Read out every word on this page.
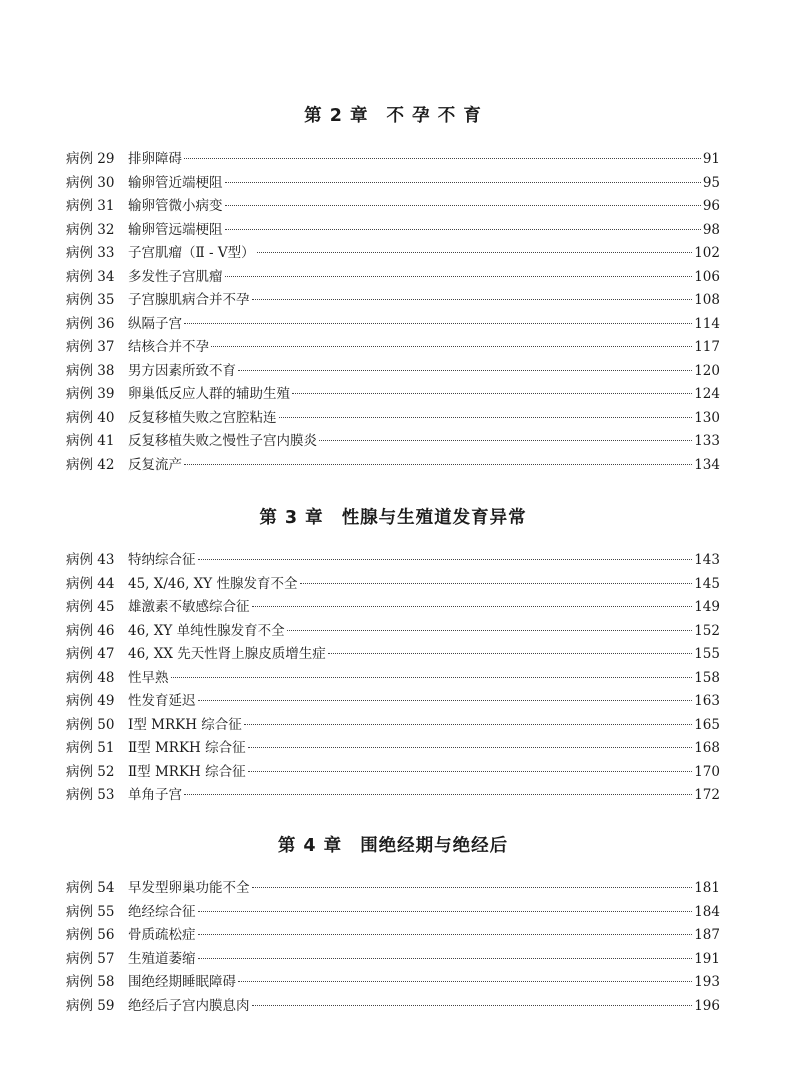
第 2 章 不 孕 不 育
病例 29	排卵障碍	91
病例 30	输卵管近端梗阻	95
病例 31	输卵管微小病变	96
病例 32	输卵管远端梗阻	98
病例 33	子宫肌瘤（Ⅱ - Ⅴ型）	102
病例 34	多发性子宫肌瘤	106
病例 35	子宫腺肌病合并不孕	108
病例 36	纵隔子宫	114
病例 37	结核合并不孕	117
病例 38	男方因素所致不育	120
病例 39	卵巢低反应人群的辅助生殖	124
病例 40	反复移植失败之宫腔粘连	130
病例 41	反复移植失败之慢性子宫内膜炎	133
病例 42	反复流产	134
第 3 章 性腺与生殖道发育异常
病例 43	特纳综合征	143
病例 44	45, X/46, XY 性腺发育不全	145
病例 45	雄激素不敏感综合征	149
病例 46	46, XY 单纯性腺发育不全	152
病例 47	46, XX 先天性肾上腺皮质增生症	155
病例 48	性早熟	158
病例 49	性发育延迟	163
病例 50	Ⅰ型 MRKH 综合征	165
病例 51	Ⅱ型 MRKH 综合征	168
病例 52	Ⅱ型 MRKH 综合征	170
病例 53	单角子宫	172
第 4 章 围绝经期与绝经后
病例 54	早发型卵巢功能不全	181
病例 55	绝经综合征	184
病例 56	骨质疏松症	187
病例 57	生殖道萎缩	191
病例 58	围绝经期睡眠障碍	193
病例 59	绝经后子宫内膜息肉	196
